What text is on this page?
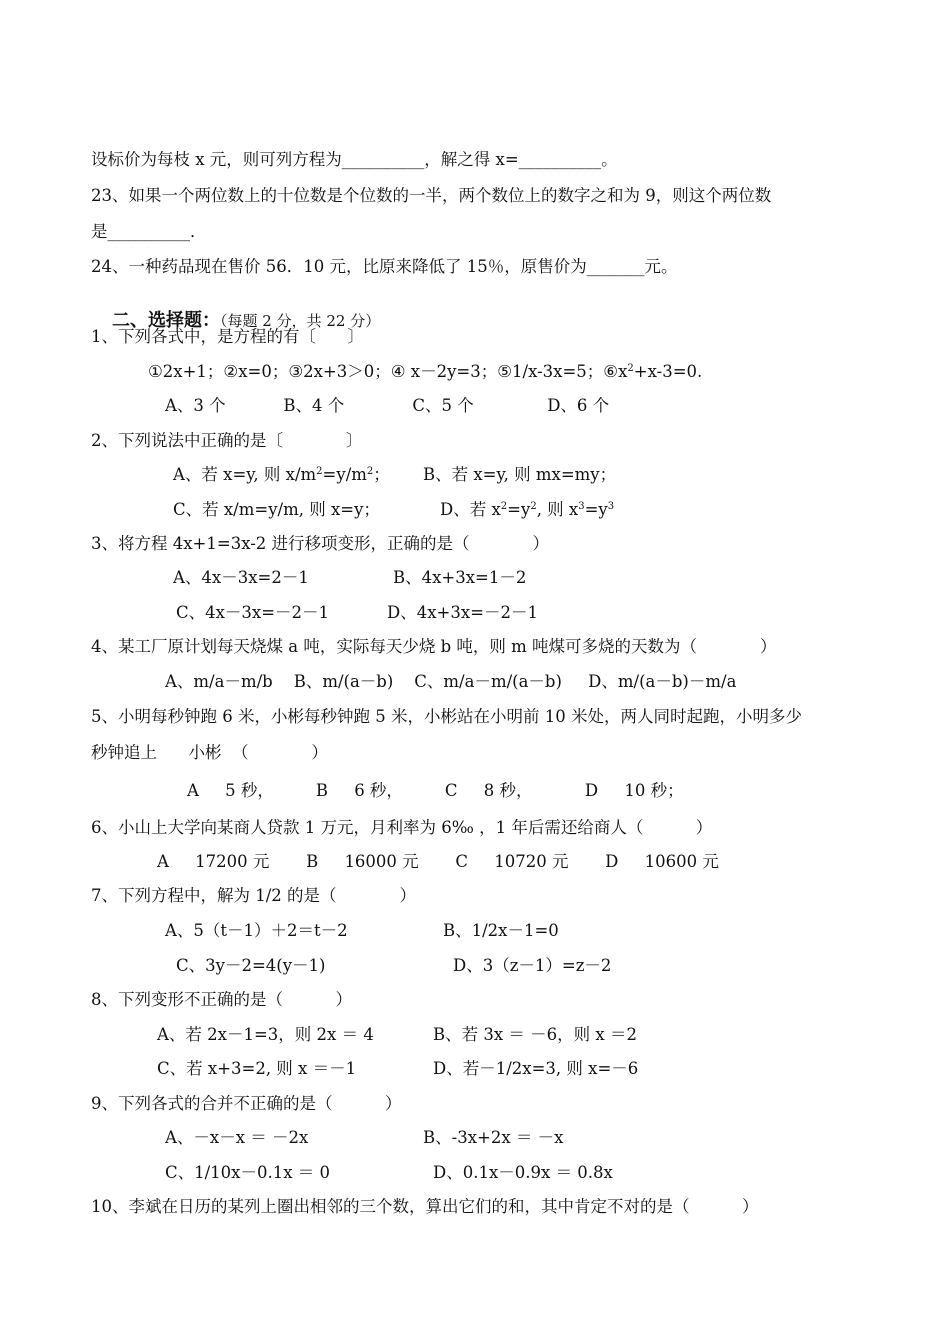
设标价为每枝 x 元，则可列方程为__________，解之得 x=__________。
23、如果一个两位数上的十位数是个位数的一半，两个数位上的数字之和为 9，则这个两位数
是__________．
24、一种药品现在售价 56．10 元，比原来降低了 15％，原售价为_______元。

二、选择题：（每题 2 分，共 22 分）

1、下列各式中，是方程的有〔      〕
①2x+1；②x=0；③2x+3＞0；④ x－2y=3；⑤1/x-3x=5；$⑥x^2+x-3=0$.
A、3 个           B、4 个             C、5 个              D、6 个
2、下列说法中正确的是〔            〕
A、若 x=y, 则 $x/m^2=y/m^2$； B、若 x=y, 则 mx=my；
C、若 x/m=y/m, 则 x=y；	D、若 $x^2=y^2$, 则 $x^3=y^3$
3、将方程 4x+1=3x-2 进行移项变形，正确的是（            ）
A、4x－3x=2－1	B、4x+3x=1－2
C、4x－3x=－2－1	D、4x+3x=－2－1
4、某工厂原计划每天烧煤 a 吨，实际每天少烧 b 吨，则 m 吨煤可多烧的天数为（            ）
A、m/a－m/b    B、m/(a－b)    C、m/a－m/(a－b)     D、m/(a－b)－m/a
5、小明每秒钟跑 6 米，小彬每秒钟跑 5 米，小彬站在小明前 10 米处，两人同时起跑，小明多少
秒钟追上      小彬  （            ）
A     5 秒，        B     6 秒，        C     8 秒，          D     10 秒；
6、小山上大学向某商人贷款 1 万元，月利率为 6‰ ，1 年后需还给商人（          ）
A     17200 元       B     16000 元       C     10720 元       D     10600 元
7、下列方程中，解为 1/2 的是（            ）
A、5（t－1）＋2＝t－2	B、1/2x－1=0
C、3y－2=4(y－1)	D、3（z－1）=z－2
8、下列变形不正确的是（          ）
A、若 2x－1=3，则 2x ＝ 4	B、若 3x ＝ －6，则 x ＝2
C、若 x+3=2, 则 x ＝－1	D、若－1/2x=3, 则 x=－6
9、下列各式的合并不正确的是（          ）
A、－x－x ＝ －2x	B、-3x+2x ＝ －x
C、1/10x－0.1x ＝ 0	D、0.1x－0.9x ＝ 0.8x
10、李斌在日历的某列上圈出相邻的三个数，算出它们的和，其中肯定不对的是（          ）
